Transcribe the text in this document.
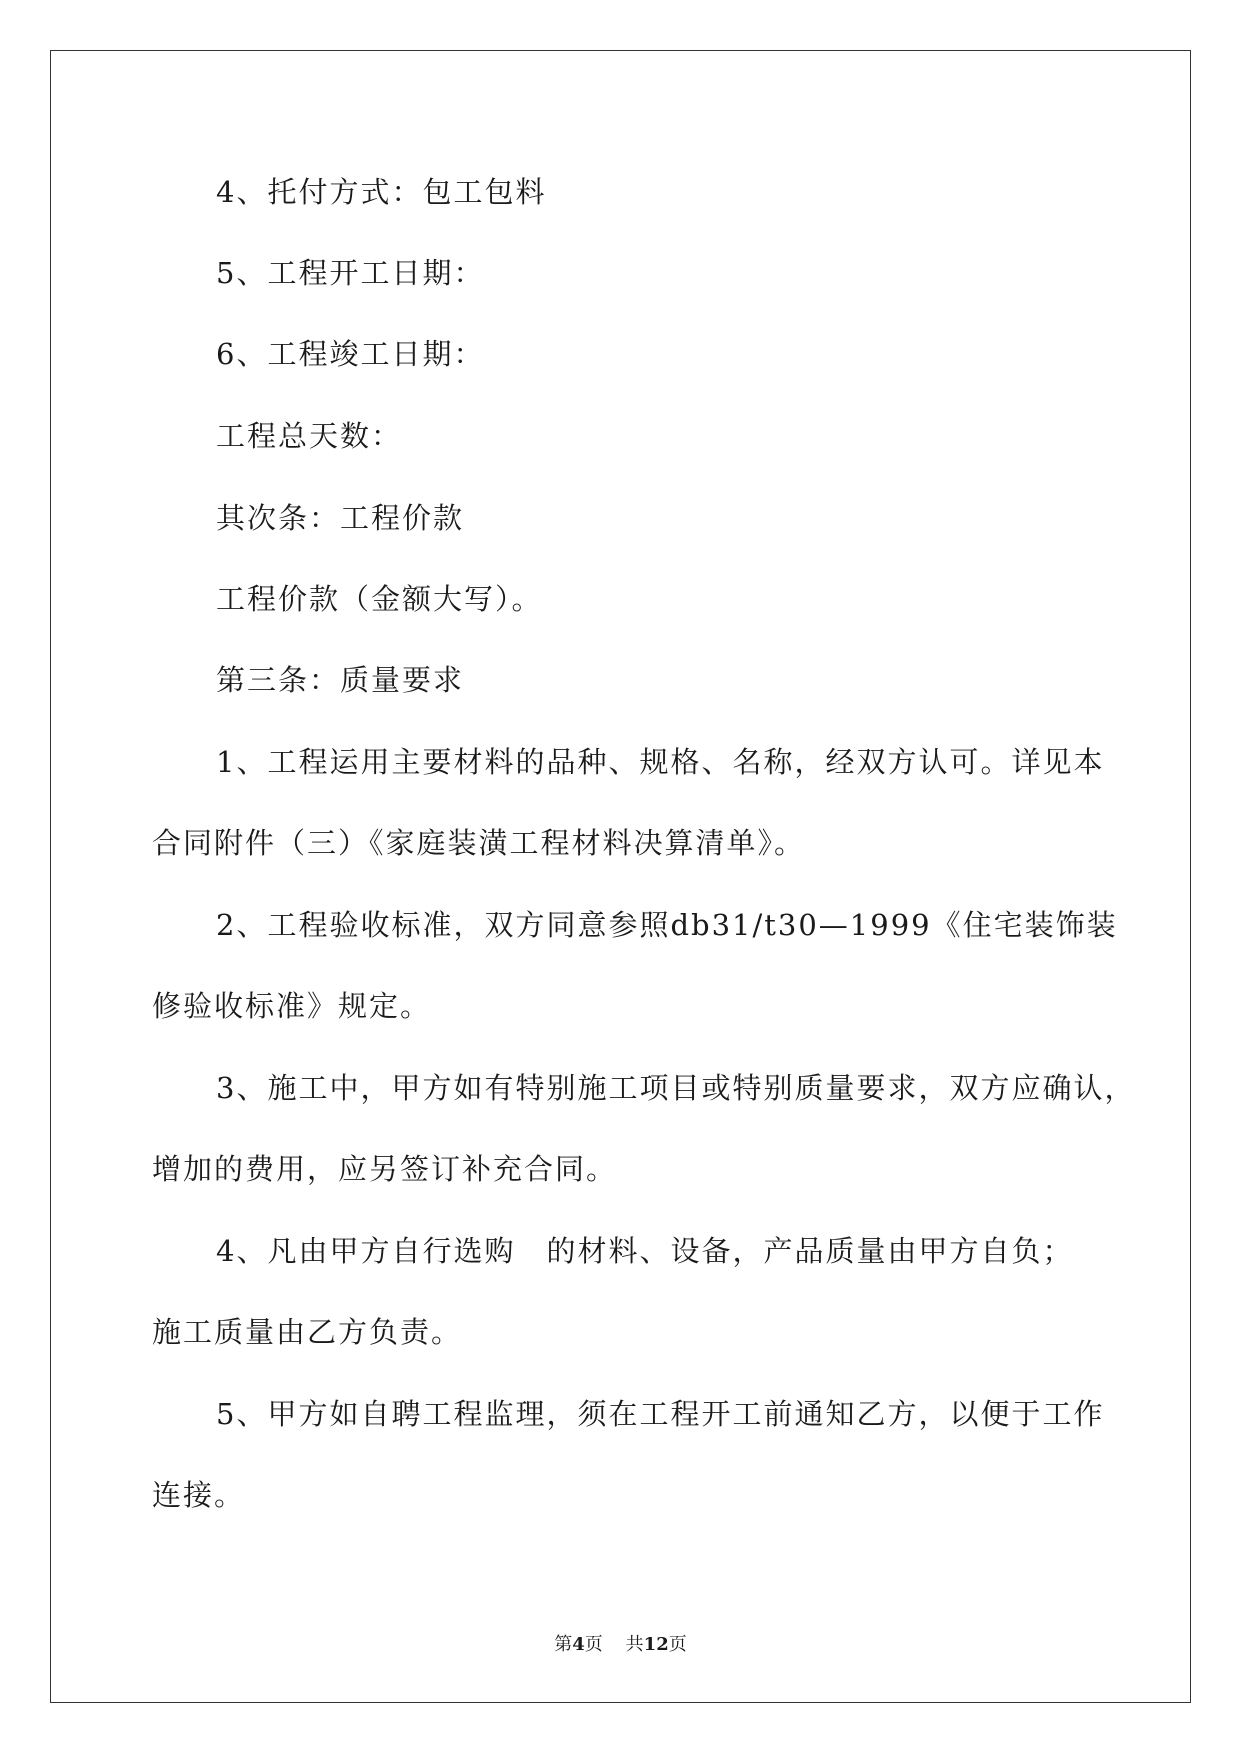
4、托付方式：包工包料

5、工程开工日期：

6、工程竣工日期：

工程总天数：

其次条：工程价款

工程价款（金额大写）。

第三条：质量要求

1、工程运用主要材料的品种、规格、名称，经双方认可。详见本

合同附件（三）《家庭装潢工程材料决算清单》。

2、工程验收标准，双方同意参照db31/t30—1999《住宅装饰装

修验收标准》规定。

3、施工中，甲方如有特别施工项目或特别质量要求，双方应确认，

增加的费用，应另签订补充合同。

4、凡由甲方自行选购　的材料、设备，产品质量由甲方自负；

施工质量由乙方负责。

5、甲方如自聘工程监理，须在工程开工前通知乙方，以便于工作

连接。

第4页 共12页
